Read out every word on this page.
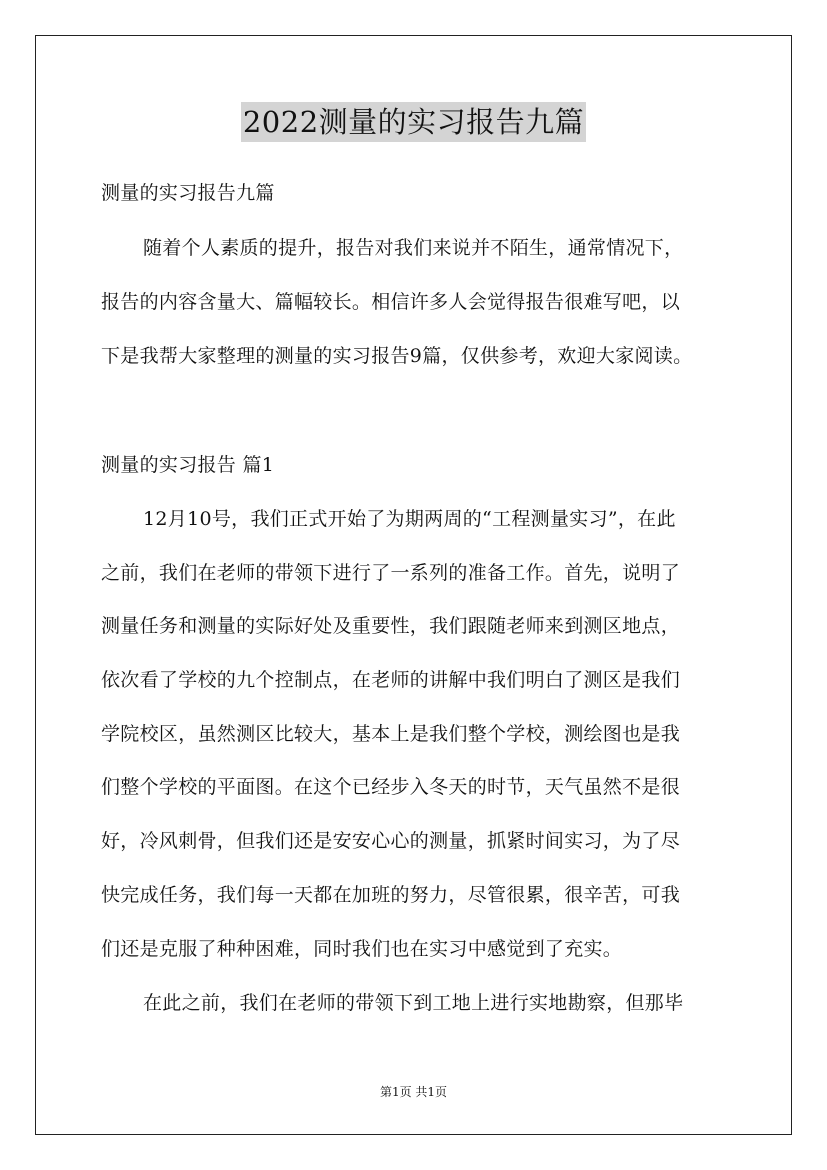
2022测量的实习报告九篇
测量的实习报告九篇
随着个人素质的提升，报告对我们来说并不陌生，通常情况下，
报告的内容含量大、篇幅较长。相信许多人会觉得报告很难写吧，以
下是我帮大家整理的测量的实习报告9篇，仅供参考，欢迎大家阅读。
测量的实习报告 篇1
12月10号，我们正式开始了为期两周的“工程测量实习”，在此
之前，我们在老师的带领下进行了一系列的准备工作。首先，说明了
测量任务和测量的实际好处及重要性，我们跟随老师来到测区地点，
依次看了学校的九个控制点，在老师的讲解中我们明白了测区是我们
学院校区，虽然测区比较大，基本上是我们整个学校，测绘图也是我
们整个学校的平面图。在这个已经步入冬天的时节，天气虽然不是很
好，冷风刺骨，但我们还是安安心心的测量，抓紧时间实习，为了尽
快完成任务，我们每一天都在加班的努力，尽管很累，很辛苦，可我
们还是克服了种种困难，同时我们也在实习中感觉到了充实。
在此之前，我们在老师的带领下到工地上进行实地勘察，但那毕
第1页 共1页
